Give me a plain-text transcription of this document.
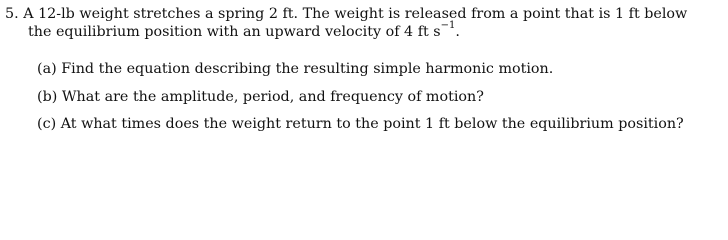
5. A 12-lb weight stretches a spring 2 ft. The weight is released from a point that is 1 ft below
the equilibrium position with an upward velocity of 4 ft $s^{-1}$.
(a) Find the equation describing the resulting simple harmonic motion.
(b) What are the amplitude, period, and frequency of motion?
(c) At what times does the weight return to the point 1 ft below the equilibrium position?
